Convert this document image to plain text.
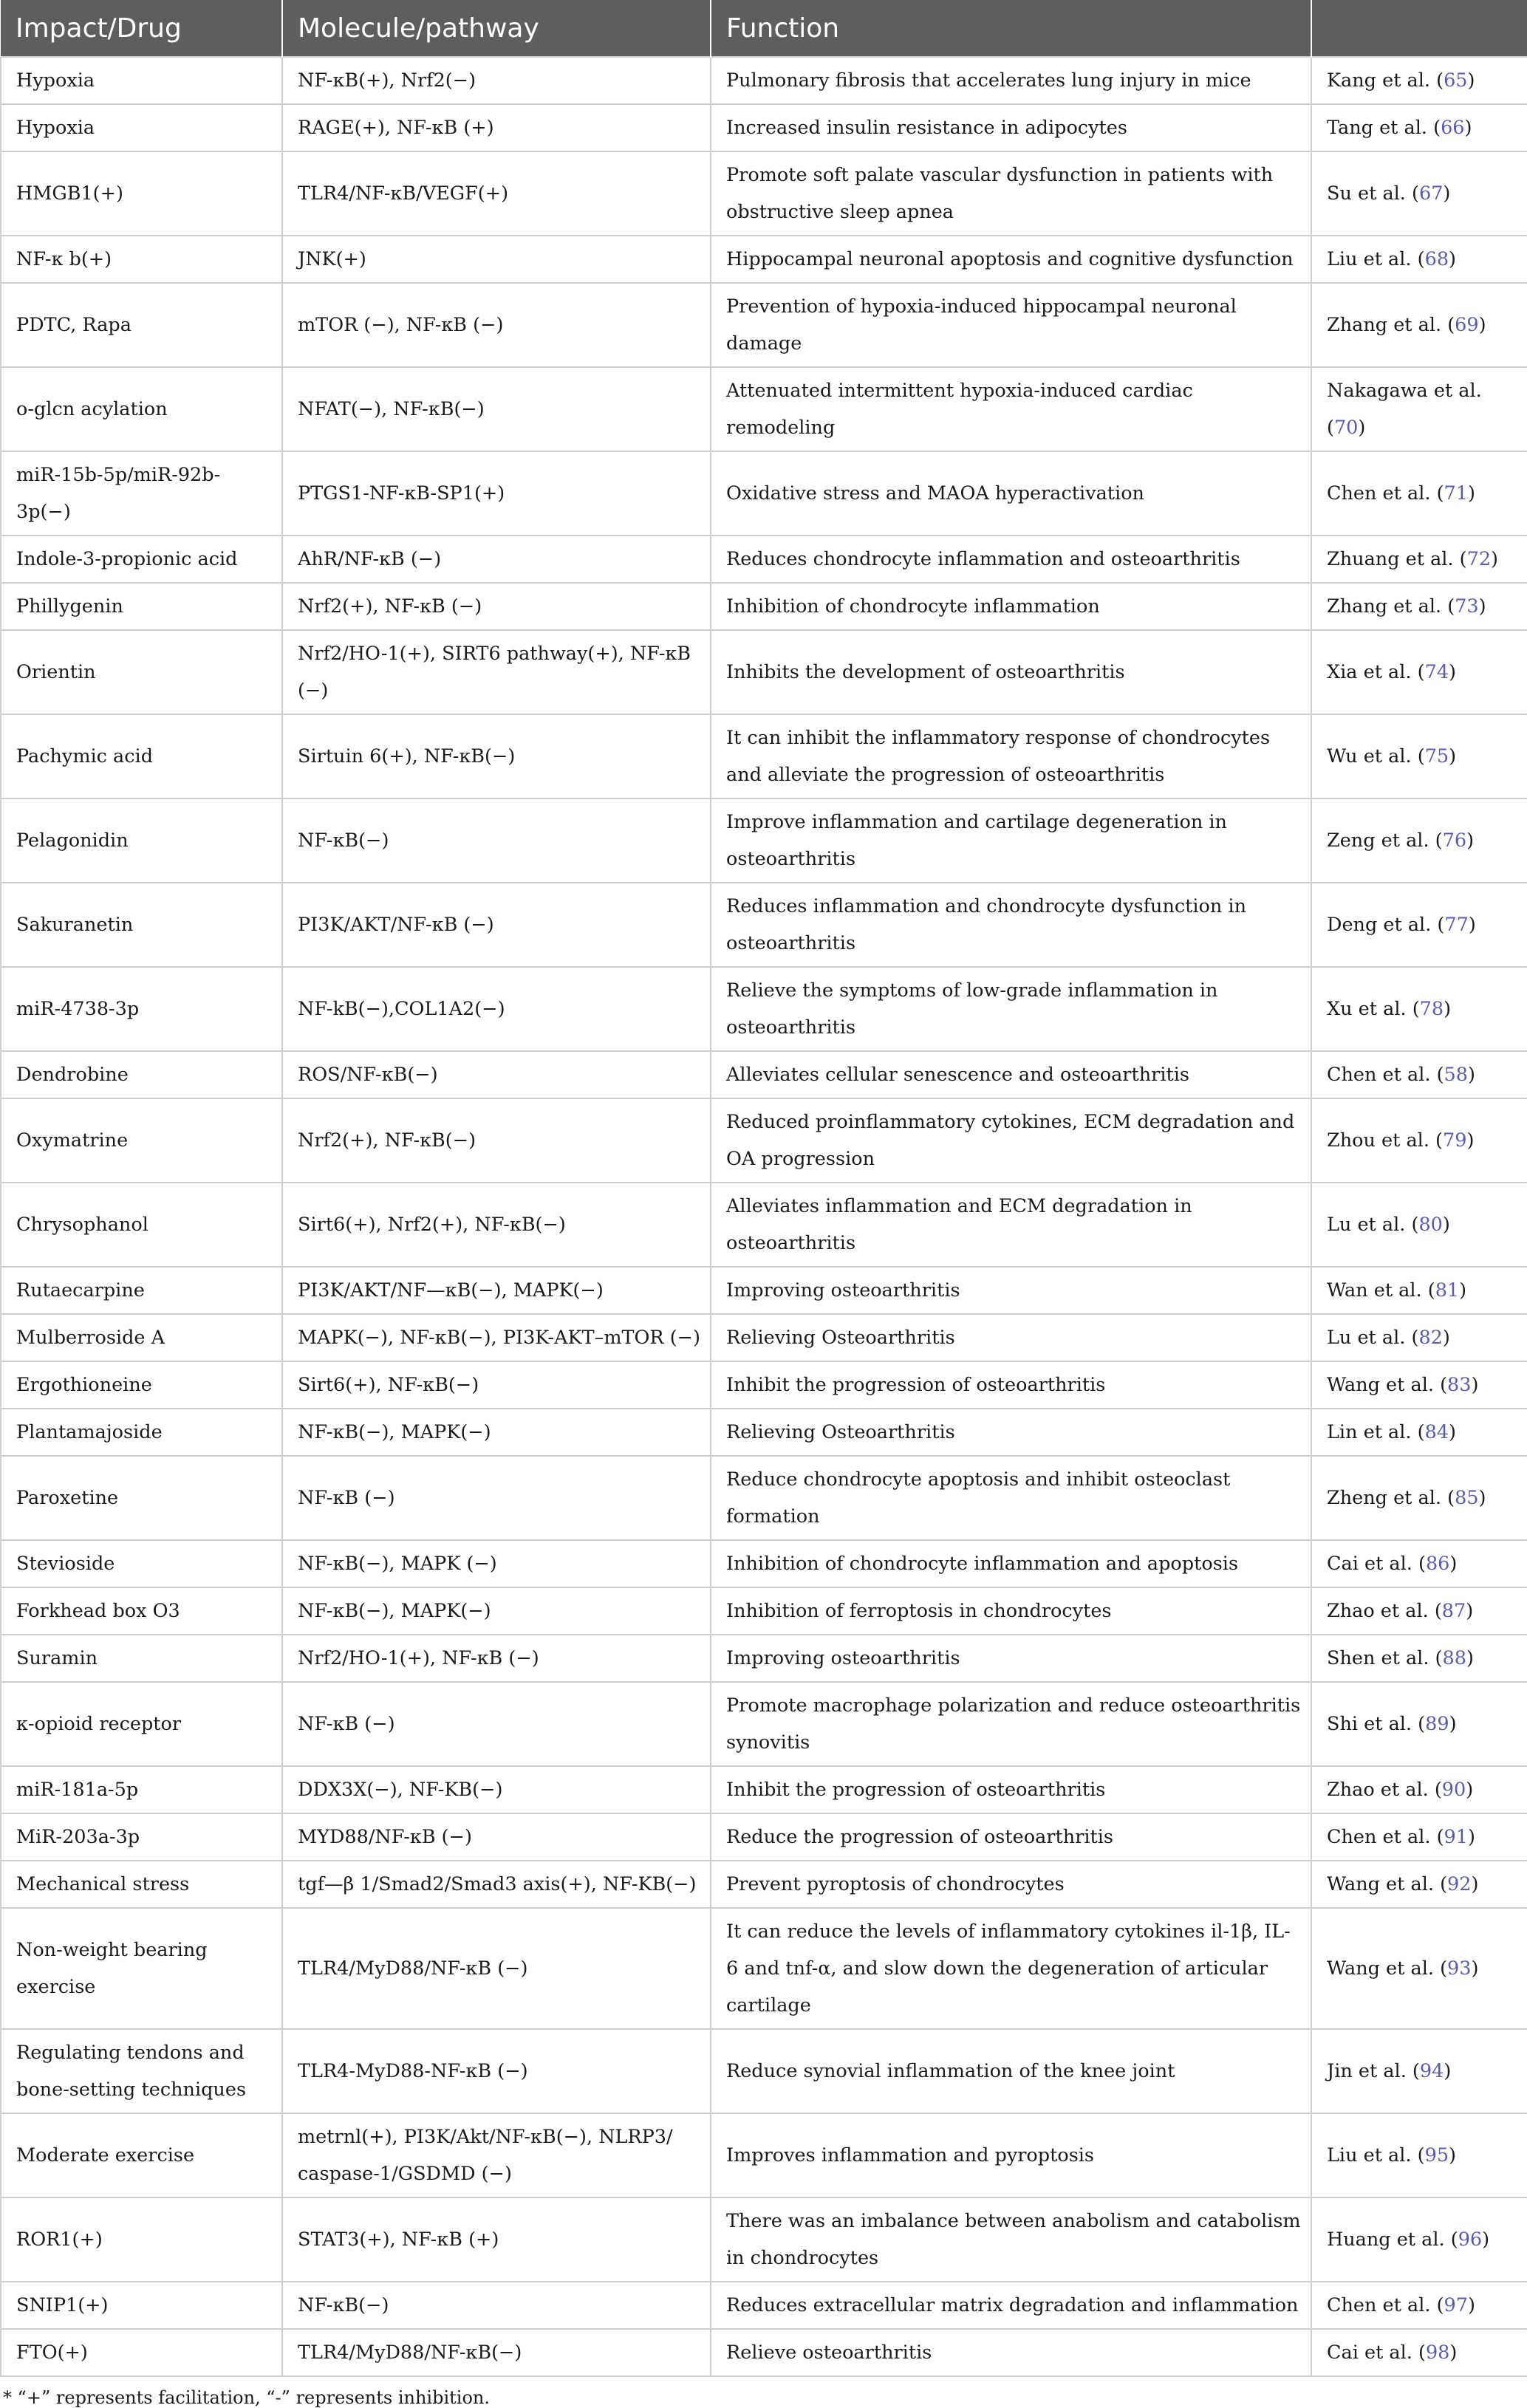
Impact/Drug	Molecule/pathway	Function	
Hypoxia	NF-κB(+), Nrf2(−)	Pulmonary fibrosis that accelerates lung injury in mice	Kang et al. (65)
Hypoxia	RAGE(+), NF-κB (+)	Increased insulin resistance in adipocytes	Tang et al. (66)
HMGB1(+)	TLR4/NF-κB/VEGF(+)	Promote soft palate vascular dysfunction in patients with obstructive sleep apnea	Su et al. (67)
NF-κ b(+)	JNK(+)	Hippocampal neuronal apoptosis and cognitive dysfunction	Liu et al. (68)
PDTC, Rapa	mTOR (−), NF-κB (−)	Prevention of hypoxia-induced hippocampal neuronal damage	Zhang et al. (69)
o-glcn acylation	NFAT(−), NF-κB(−)	Attenuated intermittent hypoxia-induced cardiac remodeling	Nakagawa et al. (70)
miR-15b-5p/miR-92b-3p(−)	PTGS1-NF-κB-SP1(+)	Oxidative stress and MAOA hyperactivation	Chen et al. (71)
Indole-3-propionic acid	AhR/NF-κB (−)	Reduces chondrocyte inflammation and osteoarthritis	Zhuang et al. (72)
Phillygenin	Nrf2(+), NF-κB (−)	Inhibition of chondrocyte inflammation	Zhang et al. (73)
Orientin	Nrf2/HO-1(+), SIRT6 pathway(+), NF-κB (−)	Inhibits the development of osteoarthritis	Xia et al. (74)
Pachymic acid	Sirtuin 6(+), NF-κB(−)	It can inhibit the inflammatory response of chondrocytes and alleviate the progression of osteoarthritis	Wu et al. (75)
Pelagonidin	NF-κB(−)	Improve inflammation and cartilage degeneration in osteoarthritis	Zeng et al. (76)
Sakuranetin	PI3K/AKT/NF-κB (−)	Reduces inflammation and chondrocyte dysfunction in osteoarthritis	Deng et al. (77)
miR-4738-3p	NF-kB(−),COL1A2(−)	Relieve the symptoms of low-grade inflammation in osteoarthritis	Xu et al. (78)
Dendrobine	ROS/NF-κB(−)	Alleviates cellular senescence and osteoarthritis	Chen et al. (58)
Oxymatrine	Nrf2(+), NF-κB(−)	Reduced proinflammatory cytokines, ECM degradation and OA progression	Zhou et al. (79)
Chrysophanol	Sirt6(+), Nrf2(+), NF-κB(−)	Alleviates inflammation and ECM degradation in osteoarthritis	Lu et al. (80)
Rutaecarpine	PI3K/AKT/NF—κB(−), MAPK(−)	Improving osteoarthritis	Wan et al. (81)
Mulberroside A	MAPK(−), NF-κB(−), PI3K-AKT–mTOR (−)	Relieving Osteoarthritis	Lu et al. (82)
Ergothioneine	Sirt6(+), NF-κB(−)	Inhibit the progression of osteoarthritis	Wang et al. (83)
Plantamajoside	NF-κB(−), MAPK(−)	Relieving Osteoarthritis	Lin et al. (84)
Paroxetine	NF-κB (−)	Reduce chondrocyte apoptosis and inhibit osteoclast formation	Zheng et al. (85)
Stevioside	NF-κB(−), MAPK (−)	Inhibition of chondrocyte inflammation and apoptosis	Cai et al. (86)
Forkhead box O3	NF-κB(−), MAPK(−)	Inhibition of ferroptosis in chondrocytes	Zhao et al. (87)
Suramin	Nrf2/HO-1(+), NF-κB (−)	Improving osteoarthritis	Shen et al. (88)
κ-opioid receptor	NF-κB (−)	Promote macrophage polarization and reduce osteoarthritis synovitis	Shi et al. (89)
miR-181a-5p	DDX3X(−), NF-KB(−)	Inhibit the progression of osteoarthritis	Zhao et al. (90)
MiR-203a-3p	MYD88/NF-κB (−)	Reduce the progression of osteoarthritis	Chen et al. (91)
Mechanical stress	tgf—β 1/Smad2/Smad3 axis(+), NF-KB(−)	Prevent pyroptosis of chondrocytes	Wang et al. (92)
Non-weight bearing exercise	TLR4/MyD88/NF-κB (−)	It can reduce the levels of inflammatory cytokines il-1β, IL-6 and tnf-α, and slow down the degeneration of articular cartilage	Wang et al. (93)
Regulating tendons and bone-setting techniques	TLR4-MyD88-NF-κB (−)	Reduce synovial inflammation of the knee joint	Jin et al. (94)
Moderate exercise	metrnl(+), PI3K/Akt/NF-κB(−), NLRP3/ caspase-1/GSDMD (−)	Improves inflammation and pyroptosis	Liu et al. (95)
ROR1(+)	STAT3(+), NF-κB (+)	There was an imbalance between anabolism and catabolism in chondrocytes	Huang et al. (96)
SNIP1(+)	NF-κB(−)	Reduces extracellular matrix degradation and inflammation	Chen et al. (97)
FTO(+)	TLR4/MyD88/NF-κB(−)	Relieve osteoarthritis	Cai et al. (98)
* “+” represents facilitation, “-” represents inhibition.
